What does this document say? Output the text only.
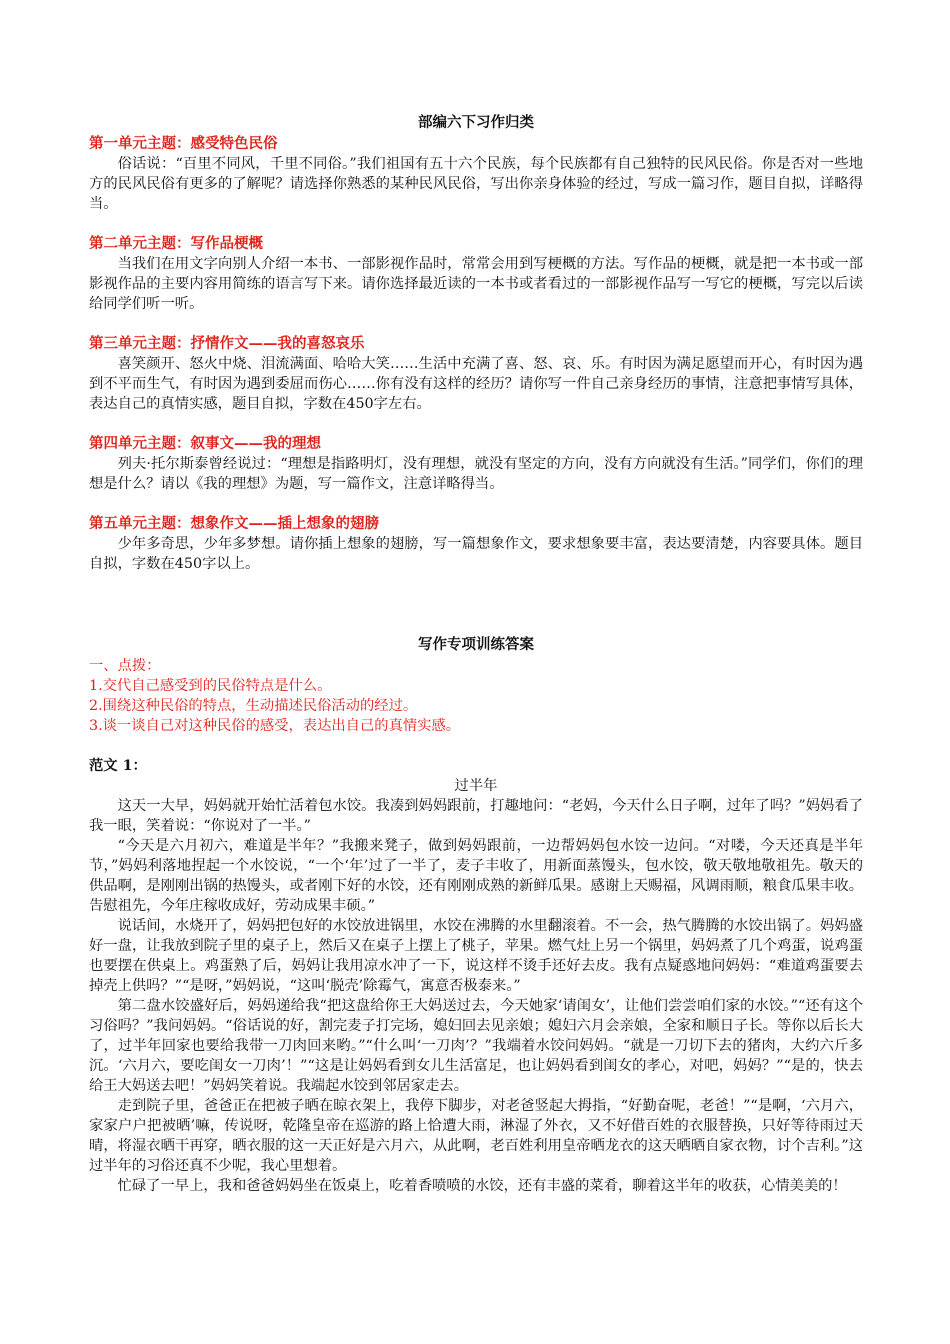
部编六下习作归类

第一单元主题：感受特色民俗

俗话说：“百里不同风，千里不同俗。”我们祖国有五十六个民族，每个民族都有自己独特的民风民俗。你是否对一些地方的民风民俗有更多的了解呢？请选择你熟悉的某种民风民俗，写出你亲身体验的经过，写成一篇习作，题目自拟，详略得当。

第二单元主题：写作品梗概

当我们在用文字向别人介绍一本书、一部影视作品时，常常会用到写梗概的方法。写作品的梗概，就是把一本书或一部影视作品的主要内容用简练的语言写下来。请你选择最近读的一本书或者看过的一部影视作品写一写它的梗概，写完以后读给同学们听一听。

第三单元主题：抒情作文——我的喜怒哀乐

喜笑颜开、怒火中烧、泪流满面、哈哈大笑……生活中充满了喜、怒、哀、乐。有时因为满足愿望而开心，有时因为遇到不平而生气，有时因为遇到委屈而伤心……你有没有这样的经历？请你写一件自己亲身经历的事情，注意把事情写具体，表达自己的真情实感，题目自拟，字数在450字左右。

第四单元主题：叙事文——我的理想

列夫·托尔斯泰曾经说过：“理想是指路明灯，没有理想，就没有坚定的方向，没有方向就没有生活。”同学们，你们的理想是什么？请以《我的理想》为题，写一篇作文，注意详略得当。

第五单元主题：想象作文——插上想象的翅膀

少年多奇思，少年多梦想。请你插上想象的翅膀，写一篇想象作文，要求想象要丰富，表达要清楚，内容要具体。题目自拟，字数在450字以上。

写作专项训练答案

一、点拨：

1.交代自己感受到的民俗特点是什么。

2.围绕这种民俗的特点，生动描述民俗活动的经过。

3.谈一谈自己对这种民俗的感受，表达出自己的真情实感。

范文 1：

过半年

这天一大早，妈妈就开始忙活着包水饺。我凑到妈妈跟前，打趣地问：“老妈，今天什么日子啊，过年了吗？”妈妈看了我一眼，笑着说：“你说对了一半。”

“今天是六月初六，难道是半年？”我搬来凳子，做到妈妈跟前，一边帮妈妈包水饺一边问。“对喽，今天还真是半年节，”妈妈利落地捏起一个水饺说，“一个‘年’过了一半了，麦子丰收了，用新面蒸馒头，包水饺，敬天敬地敬祖先。敬天的供品啊，是刚刚出锅的热馒头，或者刚下好的水饺，还有刚刚成熟的新鲜瓜果。感谢上天赐福，风调雨顺，粮食瓜果丰收。告慰祖先，今年庄稼收成好，劳动成果丰硕。”

说话间，水烧开了，妈妈把包好的水饺放进锅里，水饺在沸腾的水里翻滚着。不一会，热气腾腾的水饺出锅了。妈妈盛好一盘，让我放到院子里的桌子上，然后又在桌子上摆上了桃子，苹果。燃气灶上另一个锅里，妈妈煮了几个鸡蛋，说鸡蛋也要摆在供桌上。鸡蛋熟了后，妈妈让我用凉水冲了一下，说这样不烫手还好去皮。我有点疑惑地问妈妈：“难道鸡蛋要去掉壳上供吗？”“是呀，”妈妈说，“这叫‘脱壳’除霉气，寓意否极泰来。”

第二盘水饺盛好后，妈妈递给我“把这盘给你王大妈送过去，今天她家‘请闺女’，让他们尝尝咱们家的水饺。”“还有这个习俗吗？”我问妈妈。“俗话说的好，割完麦子打完场，媳妇回去见亲娘；媳妇六月会亲娘，全家和顺日子长。等你以后长大了，过半年回家也要给我带一刀肉回来哟。”“什么叫‘一刀肉’？”我端着水饺问妈妈。“就是一刀切下去的猪肉，大约六斤多沉。‘六月六，要吃闺女一刀肉’！”“这是让妈妈看到女儿生活富足，也让妈妈看到闺女的孝心，对吧，妈妈？”“是的，快去给王大妈送去吧！”妈妈笑着说。我端起水饺到邻居家走去。

走到院子里，爸爸正在把被子晒在晾衣架上，我停下脚步，对老爸竖起大拇指，“好勤奋呢，老爸！”“是啊，‘六月六，家家户户把被晒’嘛，传说呀，乾隆皇帝在巡游的路上恰遭大雨，淋湿了外衣，又不好借百姓的衣服替换，只好等待雨过天晴，将湿衣晒干再穿，晒衣服的这一天正好是六月六，从此啊，老百姓利用皇帝晒龙衣的这天晒晒自家衣物，讨个吉利。”这过半年的习俗还真不少呢，我心里想着。

忙碌了一早上，我和爸爸妈妈坐在饭桌上，吃着香喷喷的水饺，还有丰盛的菜肴，聊着这半年的收获，心情美美的！
